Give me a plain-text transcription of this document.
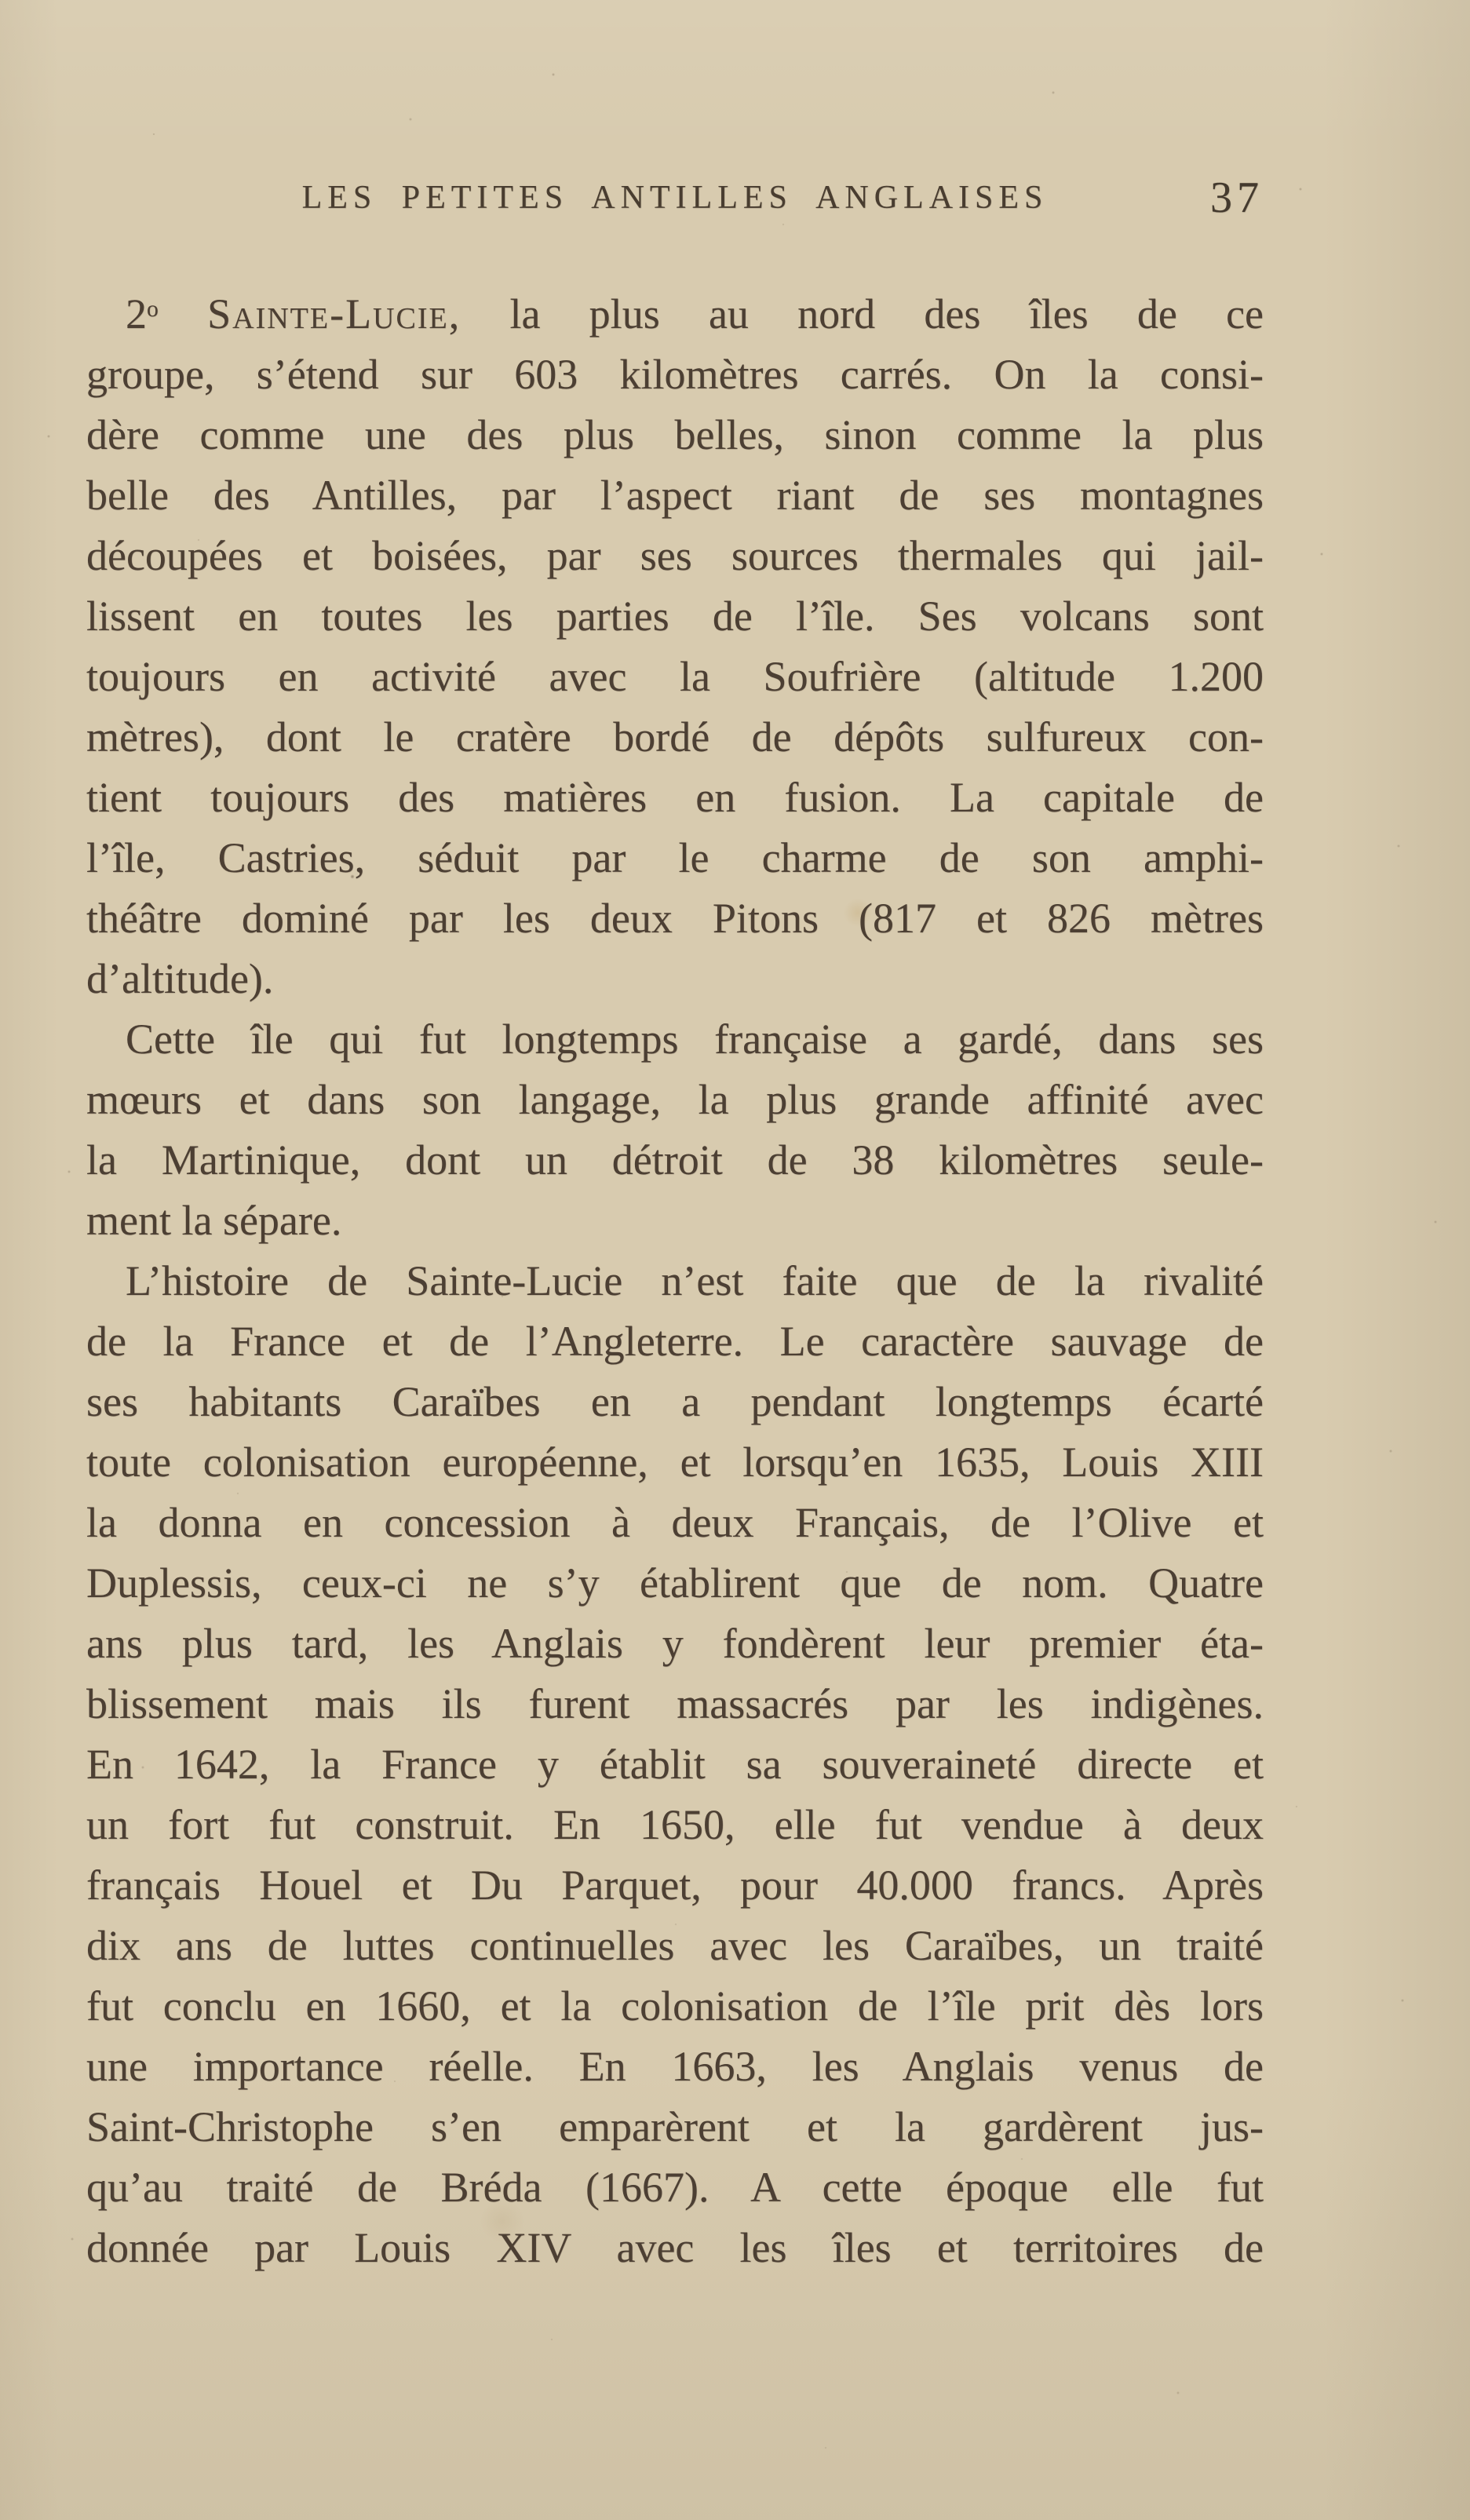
LES PETITES ANTILLES ANGLAISES	37
2$^o$ Sainte-Lucie, la plus au nord des îles de ce
groupe, s’étend sur 603 kilomètres carrés. On la consi-
dère comme une des plus belles, sinon comme la plus
belle des Antilles, par l’aspect riant de ses montagnes
découpées et boisées, par ses sources thermales qui jail-
lissent en toutes les parties de l’île. Ses volcans sont
toujours en activité avec la Soufrière (altitude 1.200
mètres), dont le cratère bordé de dépôts sulfureux con-
tient toujours des matières en fusion. La capitale de
l’île, Castries, séduit par le charme de son amphi-
théâtre dominé par les deux Pitons (817 et 826 mètres
d’altitude).
Cette île qui fut longtemps française a gardé, dans ses
mœurs et dans son langage, la plus grande affinité avec
la Martinique, dont un détroit de 38 kilomètres seule-
ment la sépare.
L’histoire de Sainte-Lucie n’est faite que de la rivalité
de la France et de l’Angleterre. Le caractère sauvage de
ses habitants Caraïbes en a pendant longtemps écarté
toute colonisation européenne, et lorsqu’en 1635, Louis XIII
la donna en concession à deux Français, de l’Olive et
Duplessis, ceux-ci ne s’y établirent que de nom. Quatre
ans plus tard, les Anglais y fondèrent leur premier éta-
blissement mais ils furent massacrés par les indigènes.
En 1642, la France y établit sa souveraineté directe et
un fort fut construit. En 1650, elle fut vendue à deux
français Houel et Du Parquet, pour 40.000 francs. Après
dix ans de luttes continuelles avec les Caraïbes, un traité
fut conclu en 1660, et la colonisation de l’île prit dès lors
une importance réelle. En 1663, les Anglais venus de
Saint-Christophe s’en emparèrent et la gardèrent jus-
qu’au traité de Bréda (1667). A cette époque elle fut
donnée par Louis XIV avec les îles et territoires de
